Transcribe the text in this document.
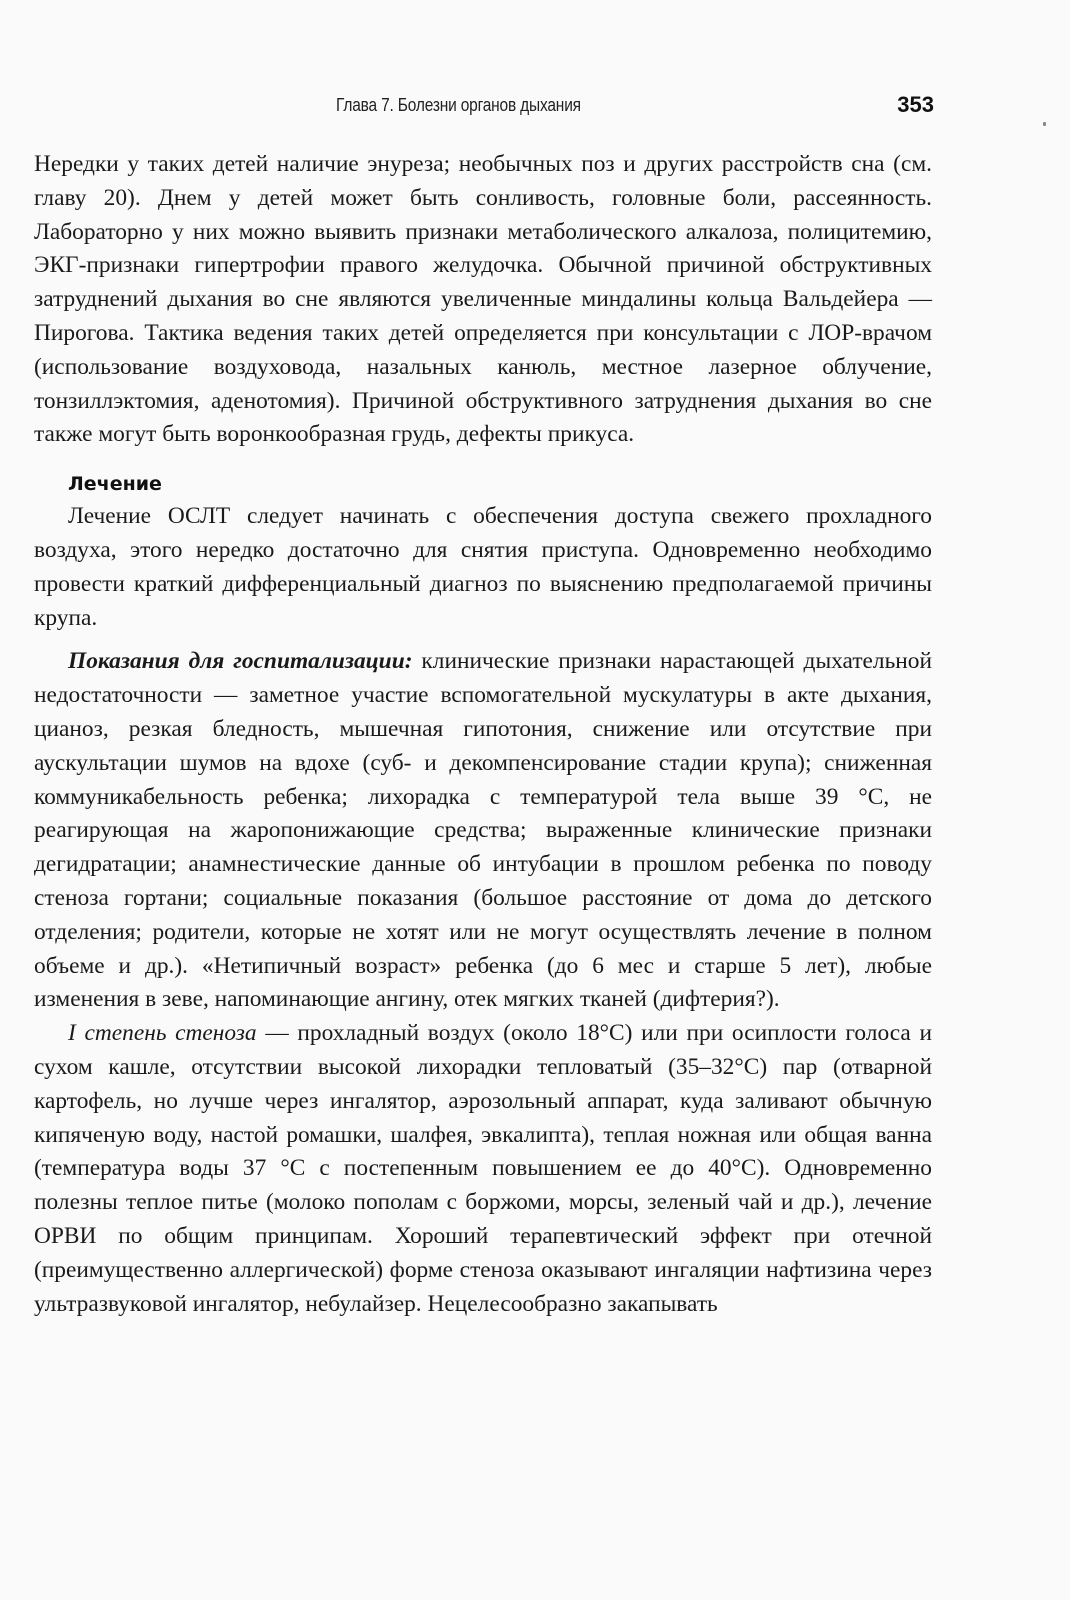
Глава 7. Болезни органов дыхания	353

Нередки у таких детей наличие энуреза; необычных поз и других расстройств сна (см. главу 20). Днем у детей может быть сонливость, головные боли, рассеянность. Лабораторно у них можно выявить признаки метаболического алкалоза, полицитемию, ЭКГ-признаки гипертрофии правого желудочка. Обычной причиной обструктивных затруднений дыхания во сне являются увеличенные миндалины кольца Вальдейера — Пирогова. Тактика ведения таких детей определяется при консультации с ЛОР-врачом (использование воздуховода, назальных канюль, местное лазерное облучение, тонзиллэктомия, аденотомия). Причиной обструктивного затруднения дыхания во сне также могут быть воронкообразная грудь, дефекты прикуса.

Лечение

Лечение ОСЛТ следует начинать с обеспечения доступа свежего прохладного воздуха, этого нередко достаточно для снятия приступа. Одновременно необходимо провести краткий дифференциальный диагноз по выяснению предполагаемой причины крупа.

Показания для госпитализации: клинические признаки нарастающей дыхательной недостаточности — заметное участие вспомогательной мускулатуры в акте дыхания, цианоз, резкая бледность, мышечная гипотония, снижение или отсутствие при аускультации шумов на вдохе (суб- и декомпенсирование стадии крупа); сниженная коммуникабельность ребенка; лихорадка с температурой тела выше 39 °С, не реагирующая на жаропонижающие средства; выраженные клинические признаки дегидратации; анамнестические данные об интубации в прошлом ребенка по поводу стеноза гортани; социальные показания (большое расстояние от дома до детского отделения; родители, которые не хотят или не могут осуществлять лечение в полном объеме и др.). «Нетипичный возраст» ребенка (до 6 мес и старше 5 лет), любые изменения в зеве, напоминающие ангину, отек мягких тканей (дифтерия?).

I степень стеноза — прохладный воздух (около 18°С) или при осиплости голоса и сухом кашле, отсутствии высокой лихорадки тепловатый (35–32°С) пар (отварной картофель, но лучше через ингалятор, аэрозольный аппарат, куда заливают обычную кипяченую воду, настой ромашки, шалфея, эвкалипта), теплая ножная или общая ванна (температура воды 37 °С с постепенным повышением ее до 40°С). Одновременно полезны теплое питье (молоко пополам с боржоми, морсы, зеленый чай и др.), лечение ОРВИ по общим принципам. Хороший терапевтический эффект при отечной (преимущественно аллергической) форме стеноза оказывают ингаляции нафтизина через ультразвуковой ингалятор, небулайзер. Нецелесообразно закапывать
